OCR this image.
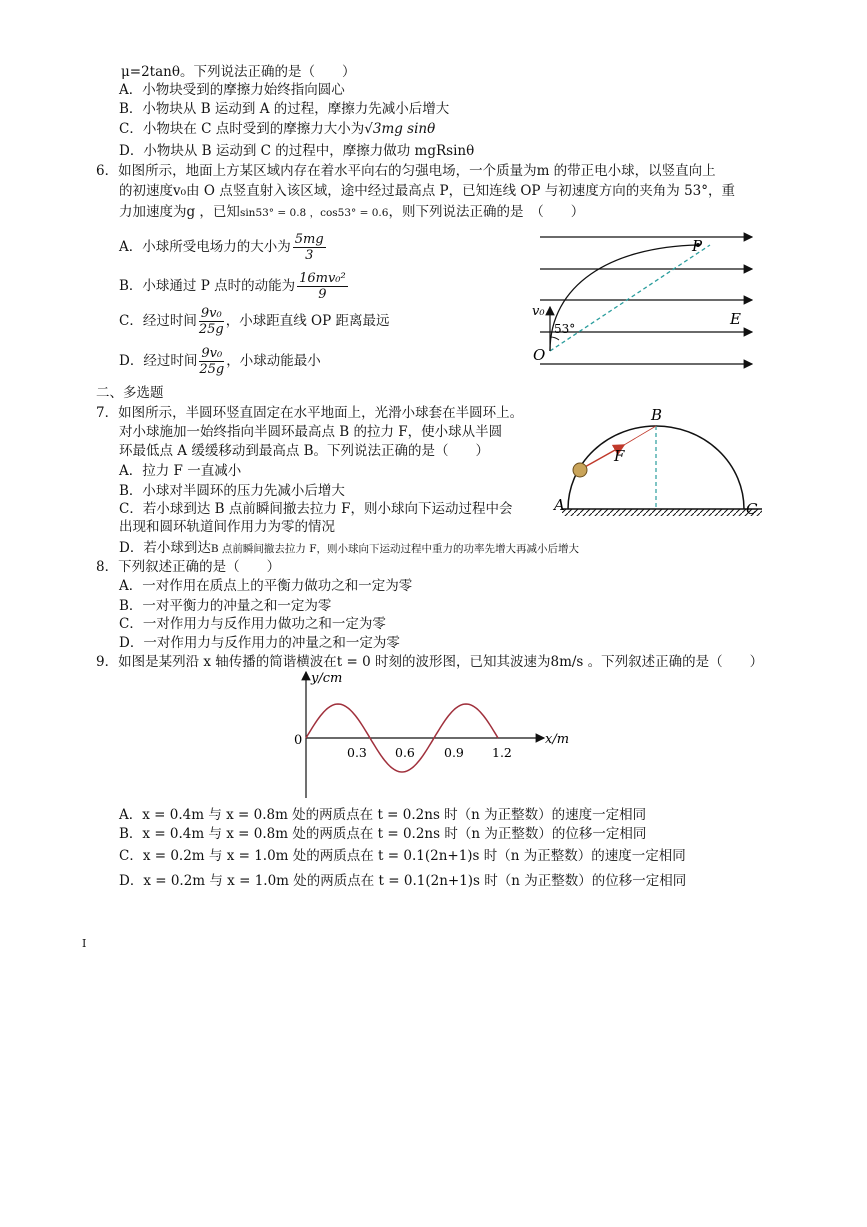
μ=2tanθ。下列说法正确的是（　　）
A．小物块受到的摩擦力始终指向圆心
B．小物块从 B 运动到 A 的过程，摩擦力先减小后增大
C．小物块在 C 点时受到的摩擦力大小为√3mg sinθ
D．小物块从 B 运动到 C 的过程中，摩擦力做功 mgRsinθ
6．如图所示，地面上方某区域内存在着水平向右的匀强电场，一个质量为m 的带正电小球，以竖直向上
的初速度v₀由 O 点竖直射入该区域，途中经过最高点 P，已知连线 OP 与初速度方向的夹角为 53°，重
力加速度为g ，已知sin53° = 0.8 ，cos53° = 0.6，则下列说法正确的是　（　　）
A．小球所受电场力的大小为 $\frac{5mg}{3}$
B．小球通过 P 点时的动能为 $\frac{\text{16mv₀²}}{9}$
C．经过时间 $\frac{\text{9v₀}}{25g}$ ，小球距直线 OP 距离最远
D．经过时间 $\frac{\text{9v₀}}{25g}$ ，小球动能最小
P
E
O
v₀
53°
二、多选题
7．如图所示，半圆环竖直固定在水平地面上，光滑小球套在半圆环上。
对小球施加一始终指向半圆环最高点 B 的拉力 F，使小球从半圆
环最低点 A 缓缓移动到最高点 B。下列说法正确的是（　　）
A．拉力 F 一直减小
B．小球对半圆环的压力先减小后增大
C．若小球到达 B 点前瞬间撤去拉力 F，则小球向下运动过程中会
出现和圆环轨道间作用力为零的情况
D．若小球到达B 点前瞬间撤去拉力 F，则小球向下运动过程中重力的功率先增大再减小后增大
B
F
A	C
8．下列叙述正确的是（　　）
A．一对作用在质点上的平衡力做功之和一定为零
B．一对平衡力的冲量之和一定为零
C．一对作用力与反作用力做功之和一定为零
D．一对作用力与反作用力的冲量之和一定为零
9．如图是某列沿 x 轴传播的简谐横波在t = 0 时刻的波形图，已知其波速为8m/s 。下列叙述正确的是（　　）
y/cm
x/m
0
0.3 0.6 0.9 1.2
A．x = 0.4m 与 x = 0.8m 处的两质点在 t = 0.2ns 时（n 为正整数）的速度一定相同
B．x = 0.4m 与 x = 0.8m 处的两质点在 t = 0.2ns 时（n 为正整数）的位移一定相同
C．x = 0.2m 与 x = 1.0m 处的两质点在 t = 0.1(2n+1)s 时（n 为正整数）的速度一定相同
D．x = 0.2m 与 x = 1.0m 处的两质点在 t = 0.1(2n+1)s 时（n 为正整数）的位移一定相同
I
